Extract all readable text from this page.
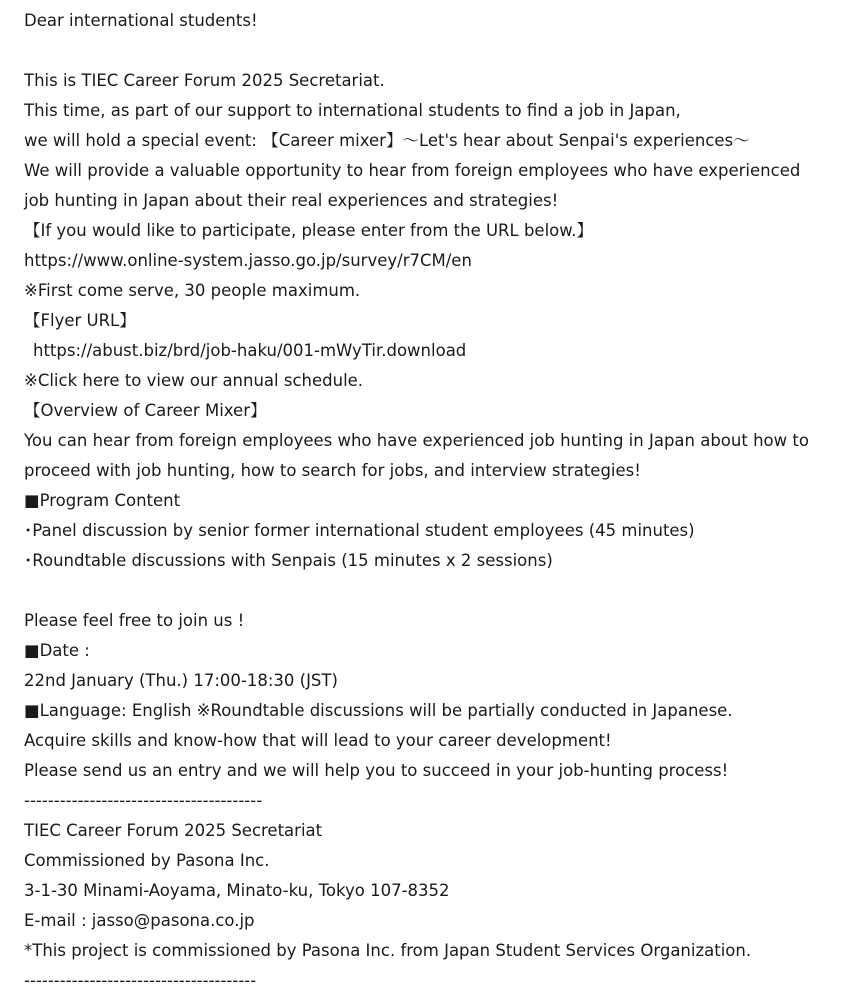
Dear international students!
This is TIEC Career Forum 2025 Secretariat.
This time, as part of our support to international students to find a job in Japan,
we will hold a special event: 【Career mixer】～Let's hear about Senpai's experiences～
We will provide a valuable opportunity to hear from foreign employees who have experienced
job hunting in Japan about their real experiences and strategies!
【If you would like to participate, please enter from the URL below.】
https://www.online-system.jasso.go.jp/survey/r7CM/en
※First come serve, 30 people maximum.
【Flyer URL】
https://abust.biz/brd/job-haku/001-mWyTir.download
※Click here to view our annual schedule.
【Overview of Career Mixer】
You can hear from foreign employees who have experienced job hunting in Japan about how to
proceed with job hunting, how to search for jobs, and interview strategies!
■Program Content
･Panel discussion by senior former international student employees (45 minutes)
･Roundtable discussions with Senpais (15 minutes x 2 sessions)
Please feel free to join us !
■Date :
22nd January (Thu.) 17:00-18:30 (JST)
■Language: English ※Roundtable discussions will be partially conducted in Japanese.
Acquire skills and know-how that will lead to your career development!
Please send us an entry and we will help you to succeed in your job-hunting process!
----------------------------------------
TIEC Career Forum 2025 Secretariat
Commissioned by Pasona Inc.
3-1-30 Minami-Aoyama, Minato-ku, Tokyo 107-8352
E-mail : jasso@pasona.co.jp
*This project is commissioned by Pasona Inc. from Japan Student Services Organization.
---------------------------------------
